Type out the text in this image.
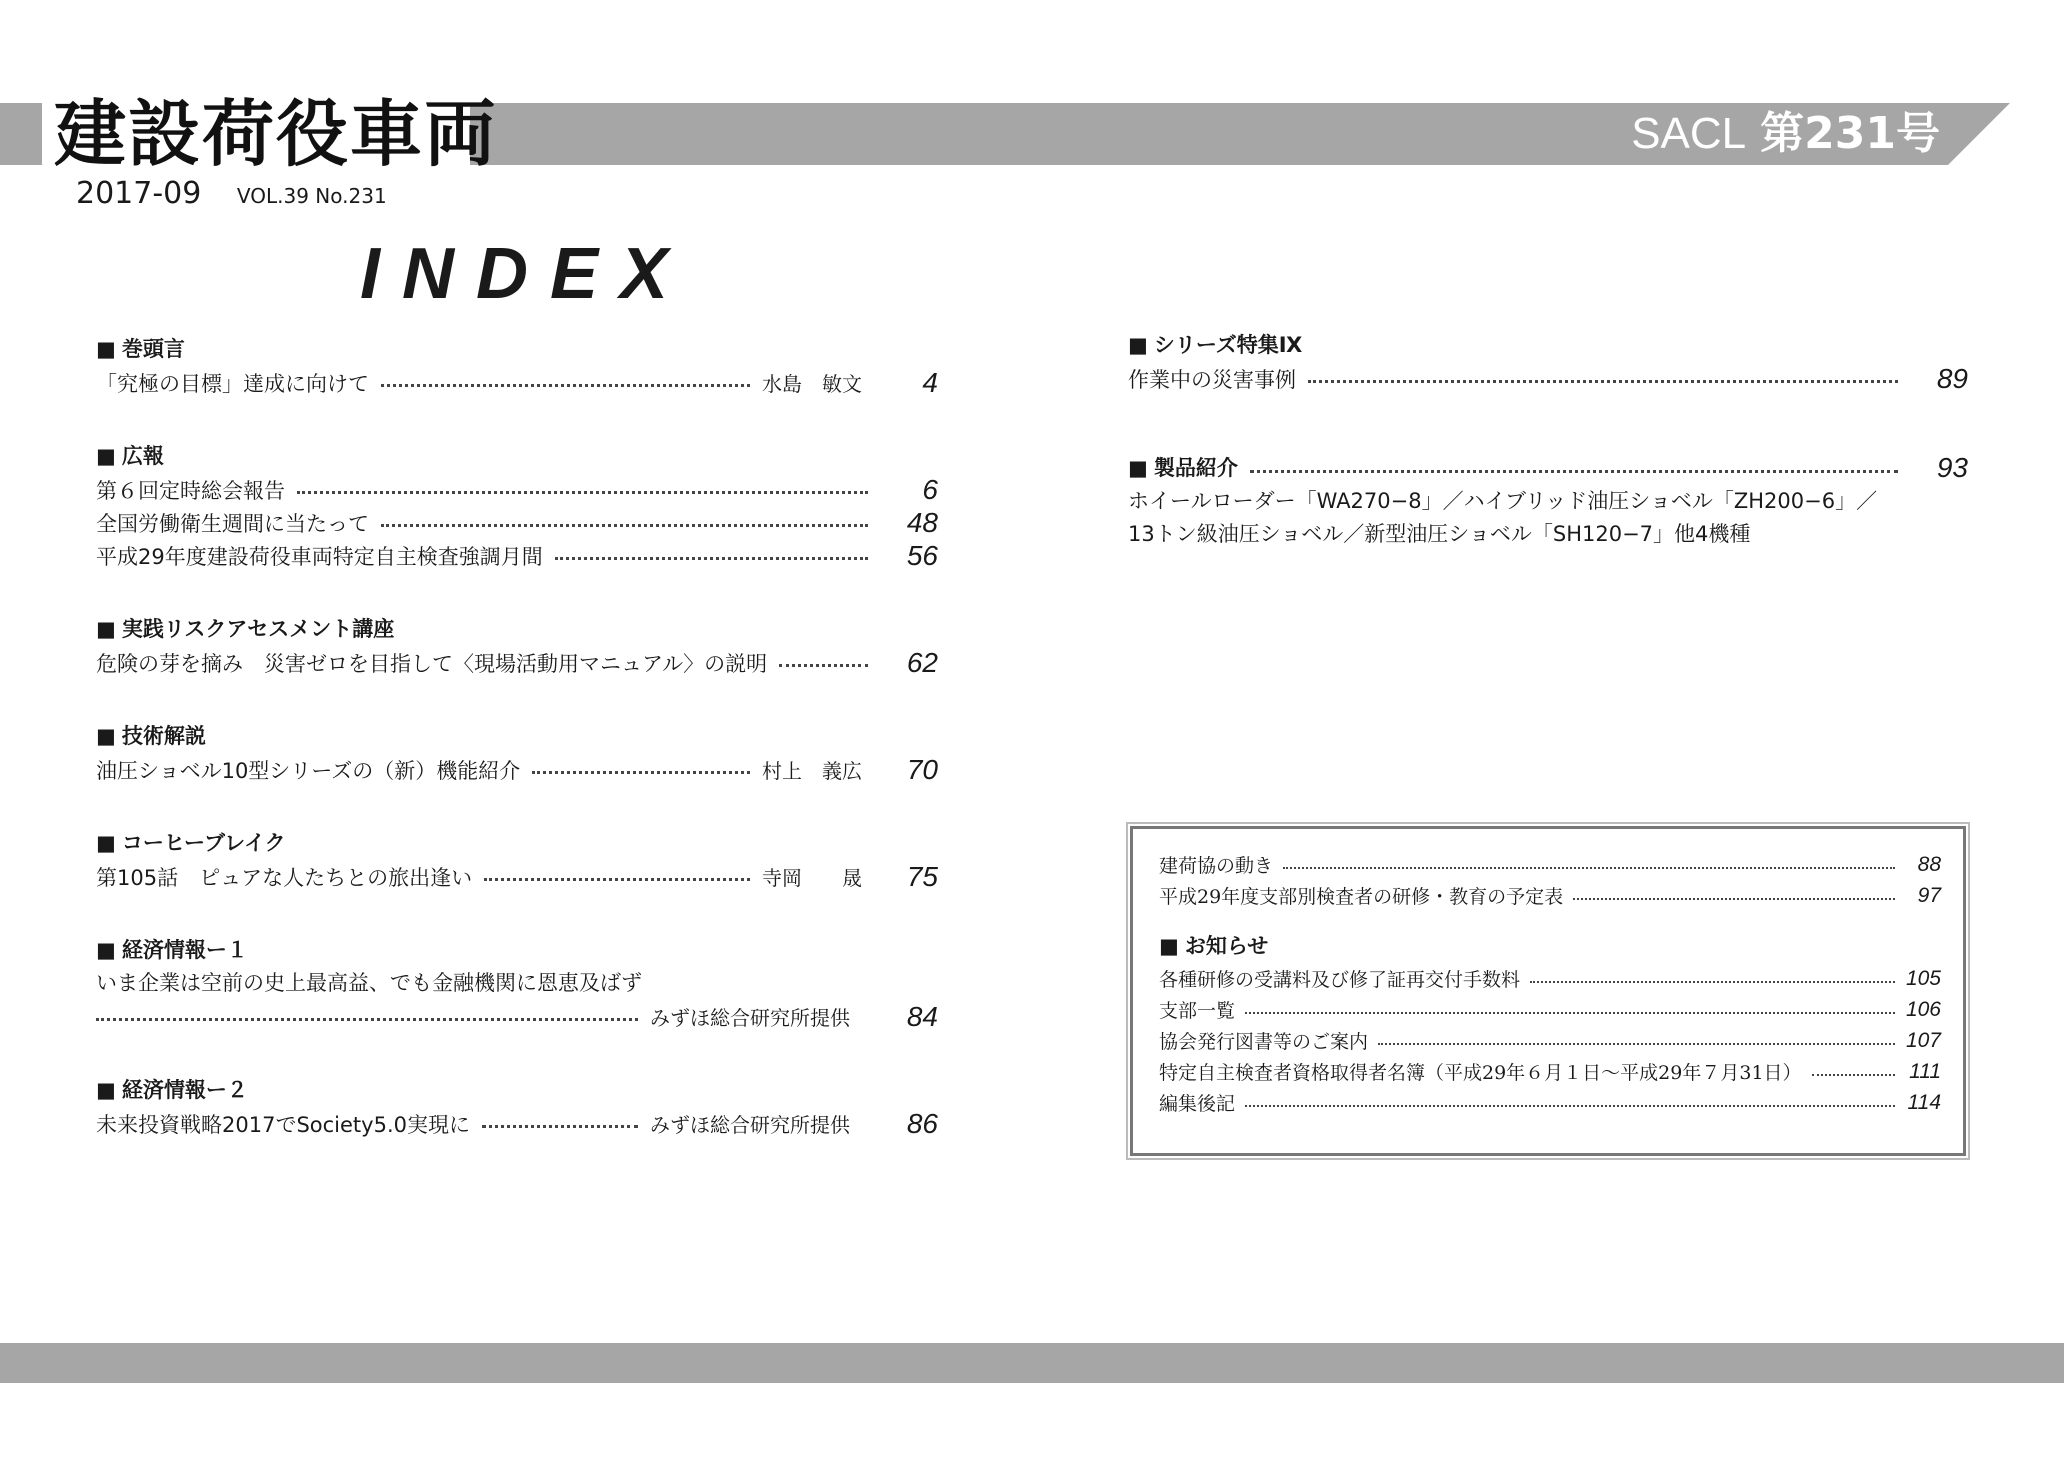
建設荷役車両	SACL 第231号
2017-09 VOL.39 No.231
INDEX
■ 巻頭言
「究極の目標」達成に向けて	水島　敏文	4
■ 広報
第６回定時総会報告	6
全国労働衛生週間に当たって	48
平成29年度建設荷役車両特定自主検査強調月間	56
■ 実践リスクアセスメント講座
危険の芽を摘み　災害ゼロを目指して〈現場活動用マニュアル〉の説明	62
■ 技術解説
油圧ショベル10型シリーズの（新）機能紹介	村上　義広	70
■ コーヒーブレイク
第105話　ピュアな人たちとの旅出逢い	寺岡　　晟	75
■ 経済情報ー１
いま企業は空前の史上最高益、でも金融機関に恩恵及ばず
みずほ総合研究所提供	84
■ 経済情報ー２
未来投資戦略2017でSociety5.0実現に	みずほ総合研究所提供	86
■ シリーズ特集Ⅸ
作業中の災害事例	89
■ 製品紹介	93
ホイールローダー「WA270−8」／ハイブリッド油圧ショベル「ZH200−6」／
13トン級油圧ショベル／新型油圧ショベル「SH120−7」他4機種
建荷協の動き	88
平成29年度支部別検査者の研修・教育の予定表	97
■ お知らせ
各種研修の受講料及び修了証再交付手数料	105
支部一覧	106
協会発行図書等のご案内	107
特定自主検査者資格取得者名簿（平成29年６月１日〜平成29年７月31日）	111
編集後記	114
